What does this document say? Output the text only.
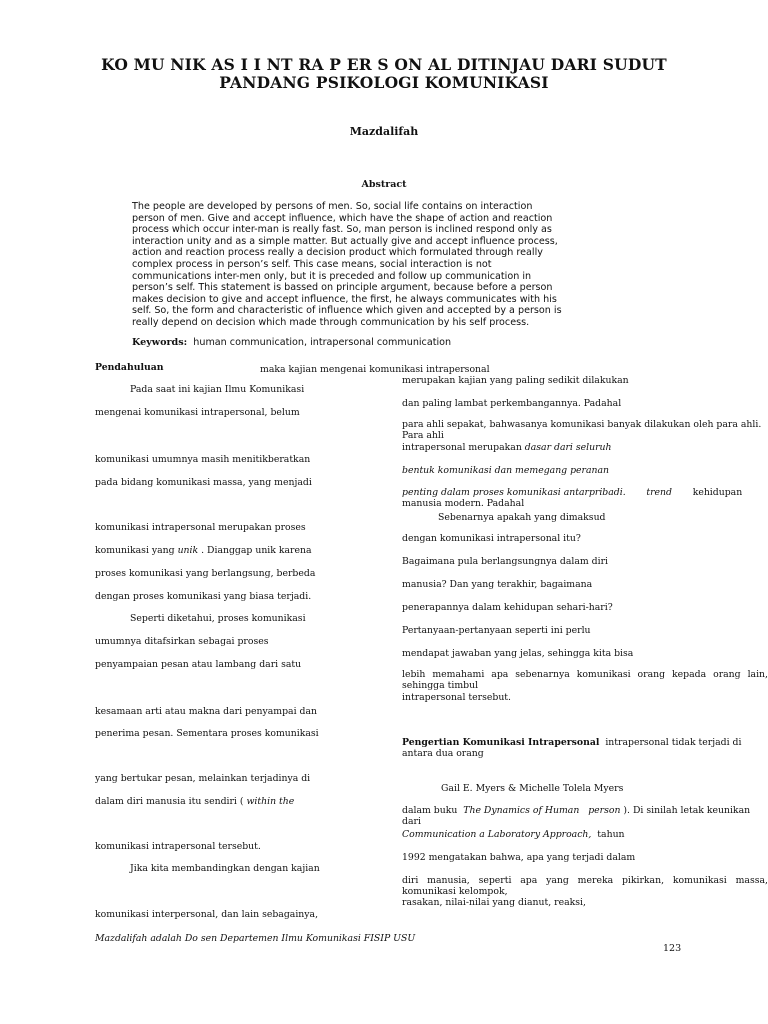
KO MU NIK AS I I NT RA P ER S ON AL DITINJAU DARI SUDUT
PANDANG PSIKOLOGI KOMUNIKASI
Mazdalifah
Abstract
The people are developed by persons of men. So, social life contains on interaction
person of men. Give and accept influence, which have the shape of action and reaction
process which occur inter-man is really fast. So, man person is inclined respond only as
interaction unity and as a simple matter. But actually give and accept influence process,
action and reaction process really a decision product which formulated through really
complex process in person’s self. This case means, social interaction is not
communications inter-men only, but it is preceded and follow up communication in
person’s self. This statement is bassed on principle argument, because before a person
makes decision to give and accept influence, the first, he always communicates with his
self. So, the form and characteristic of influence which given and accepted by a person is
really depend on decision which made through communication by his self process.
Keywords: human communication, intrapersonal communication
Pendahuluan
Pada saat ini kajian Ilmu Komunikasi
mengenai komunikasi intrapersonal, belum
komunikasi umumnya masih menitikberatkan
pada bidang komunikasi massa, yang menjadi
komunikasi intrapersonal merupakan proses
komunikasi yang unik . Dianggap unik karena
proses komunikasi yang berlangsung, berbeda
dengan proses komunikasi yang biasa terjadi.
Seperti diketahui, proses komunikasi
umumnya ditafsirkan sebagai proses
penyampaian pesan atau lambang dari satu
kesamaan arti atau makna dari penyampai dan
penerima pesan. Sementara proses komunikasi
yang bertukar pesan, melainkan terjadinya di
dalam diri manusia itu sendiri ( within the
komunikasi intrapersonal tersebut.
Jika kita membandingkan dengan kajian
komunikasi interpersonal, dan lain sebagainya,
maka kajian mengenai komunikasi intrapersonal
merupakan kajian yang paling sedikit dilakukan
dan paling lambat perkembangannya. Padahal
para ahli sepakat, bahwasanya komunikasi banyak dilakukan oleh para ahli. Para ahli
intrapersonal merupakan dasar dari seluruh
bentuk komunikasi dan memegang peranan
penting dalam proses komunikasi antarpribadi. trend kehidupan manusia modern. Padahal
Sebenarnya apakah yang dimaksud
dengan komunikasi intrapersonal itu?
Bagaimana pula berlangsungnya dalam diri
manusia? Dan yang terakhir, bagaimana
penerapannya dalam kehidupan sehari-hari?
Pertanyaan-pertanyaan seperti ini perlu
mendapat jawaban yang jelas, sehingga kita bisa
lebih memahami apa sebenarnya komunikasi orang kepada orang lain, sehingga timbul
intrapersonal tersebut.
Pengertian Komunikasi Intrapersonal intrapersonal tidak terjadi di antara dua orang
Gail E. Myers & Michelle Tolela Myers
dalam buku  The Dynamics of Human person ). Di sinilah letak keunikan dari
Communication a Laboratory Approach, tahun
1992 mengatakan bahwa, apa yang terjadi dalam
diri manusia, seperti apa yang mereka pikirkan, komunikasi massa, komunikasi kelompok,
rasakan, nilai-nilai yang dianut, reaksi,
Mazdalifah adalah Do sen Departemen Ilmu Komunikasi FISIP USU
123
